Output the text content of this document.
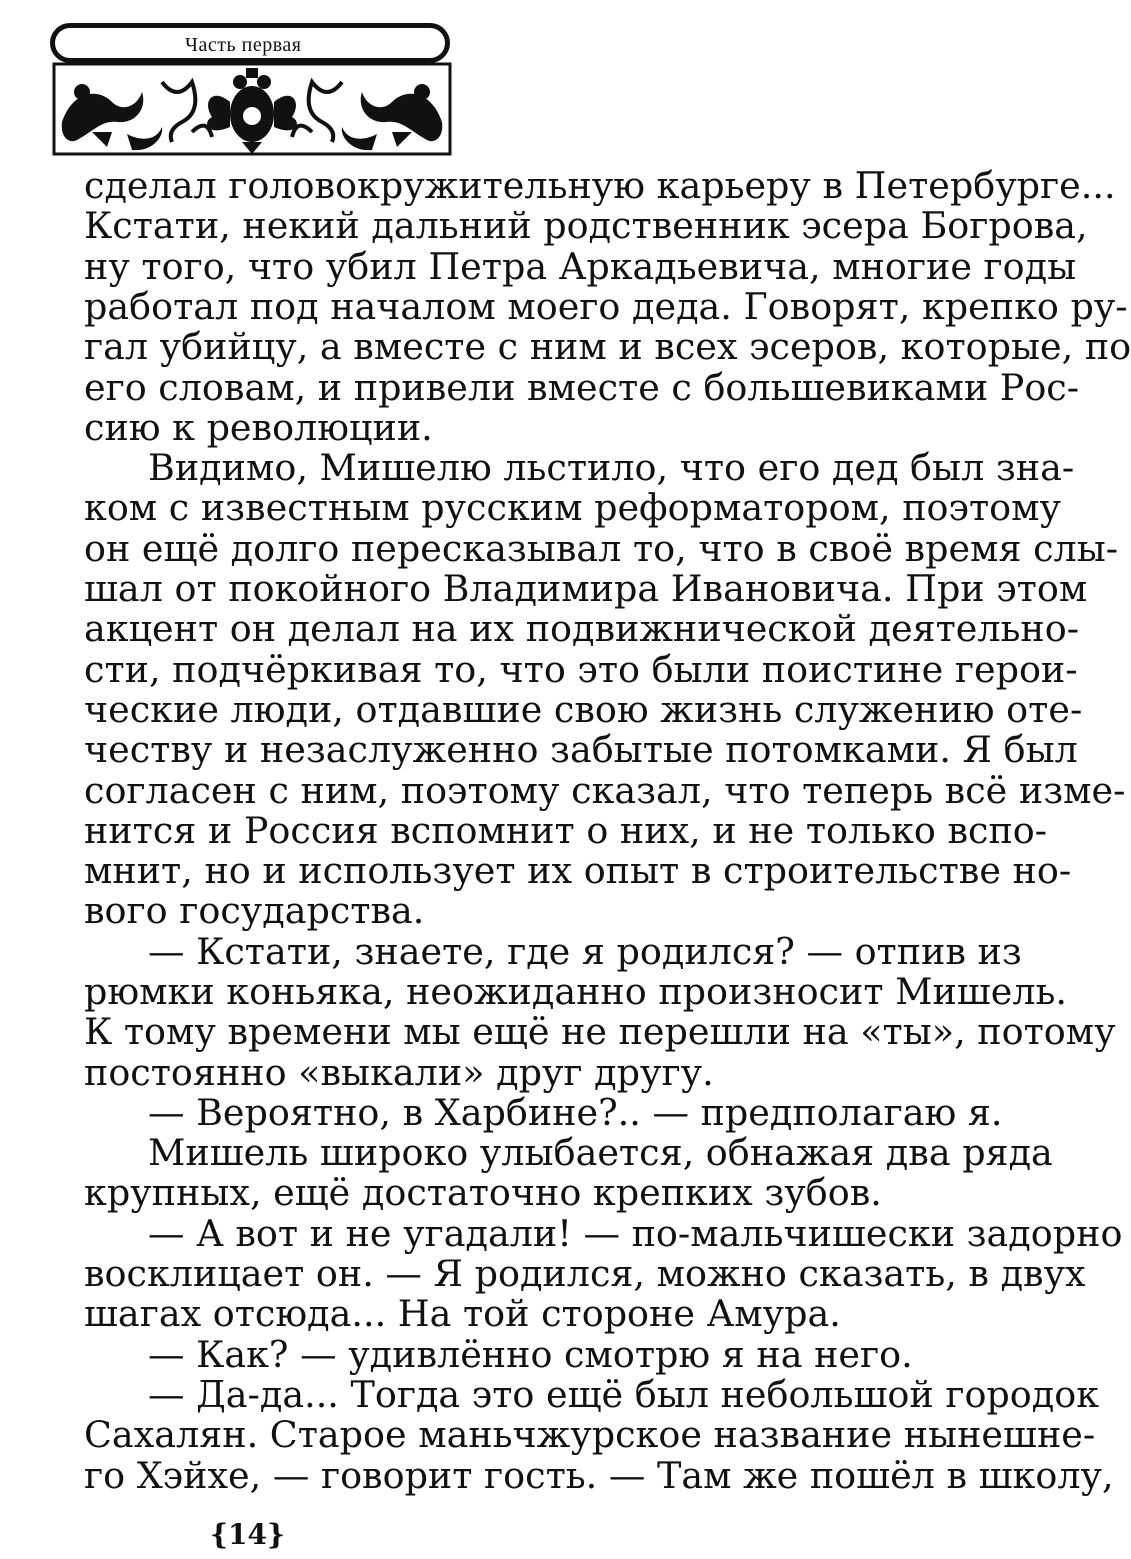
Часть первая
сделал головокружительную карьеру в Петербурге...
Кстати, некий дальний родственник эсера Богрова,
ну того, что убил Петра Аркадьевича, многие годы
работал под началом моего деда. Говорят, крепко ру-
гал убийцу, а вместе с ним и всех эсеров, которые, по
его словам, и привели вместе с большевиками Рос-
сию к революции.
Видимо, Мишелю льстило, что его дед был зна-
ком с известным русским реформатором, поэтому
он ещё долго пересказывал то, что в своё время слы-
шал от покойного Владимира Ивановича. При этом
акцент он делал на их подвижнической деятельно-
сти, подчёркивая то, что это были поистине герои-
ческие люди, отдавшие свою жизнь служению оте-
честву и незаслуженно забытые потомками. Я был
согласен с ним, поэтому сказал, что теперь всё изме-
нится и Россия вспомнит о них, и не только вспо-
мнит, но и использует их опыт в строительстве но-
вого государства.
— Кстати, знаете, где я родился? — отпив из
рюмки коньяка, неожиданно произносит Мишель.
К тому времени мы ещё не перешли на «ты», потому
постоянно «выкали» друг другу.
— Вероятно, в Харбине?.. — предполагаю я.
Мишель широко улыбается, обнажая два ряда
крупных, ещё достаточно крепких зубов.
— А вот и не угадали! — по-мальчишески задорно
восклицает он. — Я родился, можно сказать, в двух
шагах отсюда... На той стороне Амура.
— Как? — удивлённо смотрю я на него.
— Да-да... Тогда это ещё был небольшой городок
Сахалян. Старое маньчжурское название нынешне-
го Хэйхе, — говорит гость. — Там же пошёл в школу,
{14}
